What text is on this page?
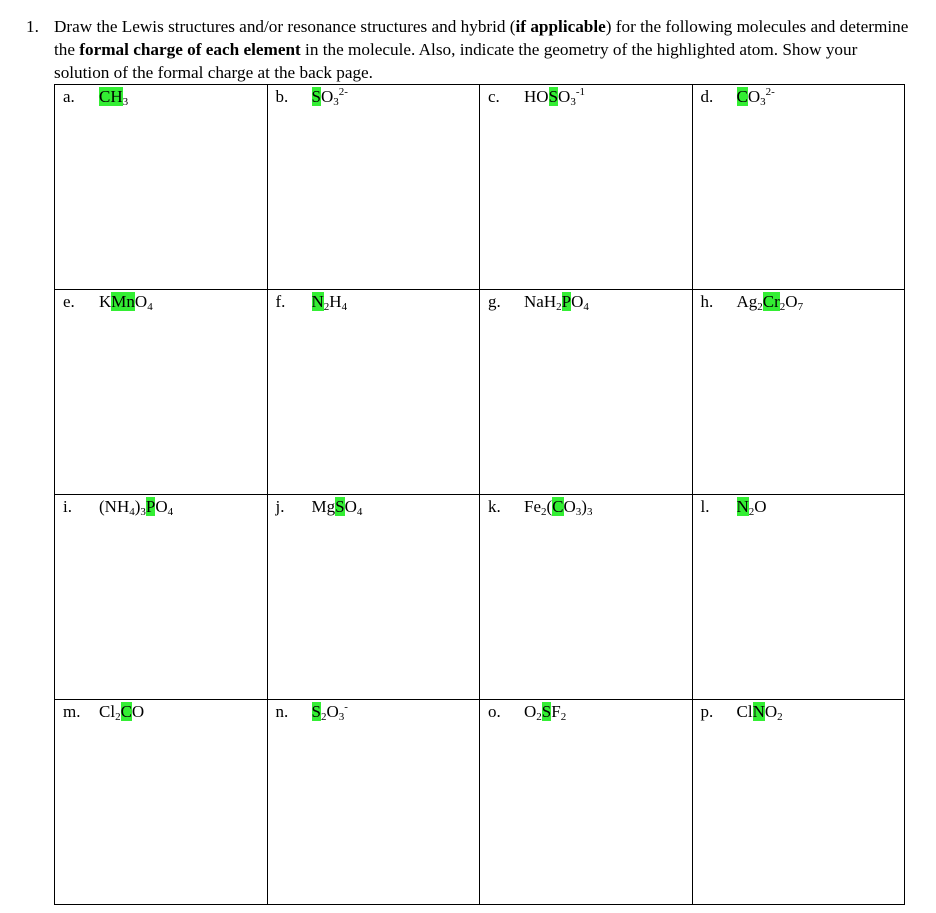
1. Draw the Lewis structures and/or resonance structures and hybrid (if applicable) for the following molecules and determine the formal charge of each element in the molecule. Also, indicate the geometry of the highlighted atom. Show your solution of the formal charge at the back page.
a. $CH_3$	b. $SO_3^{2-}$	c. $HOSO_3^{-1}$	d. $CO_3^{2-}$

e. KMnO$_4$	f. $N_2H_4$	g. $NaH_2PO_4$	h. $Ag_2Cr_2O_7$

i. $(NH_4)_3PO_4$	j. MgSO$_4$	k. $Fe_2(CO_3)_3$	l. $N_2O$

m. $Cl_2CO$	n. $S_2O_3^-$	o. $O_2SF_2$	p. ClNO$_2$
